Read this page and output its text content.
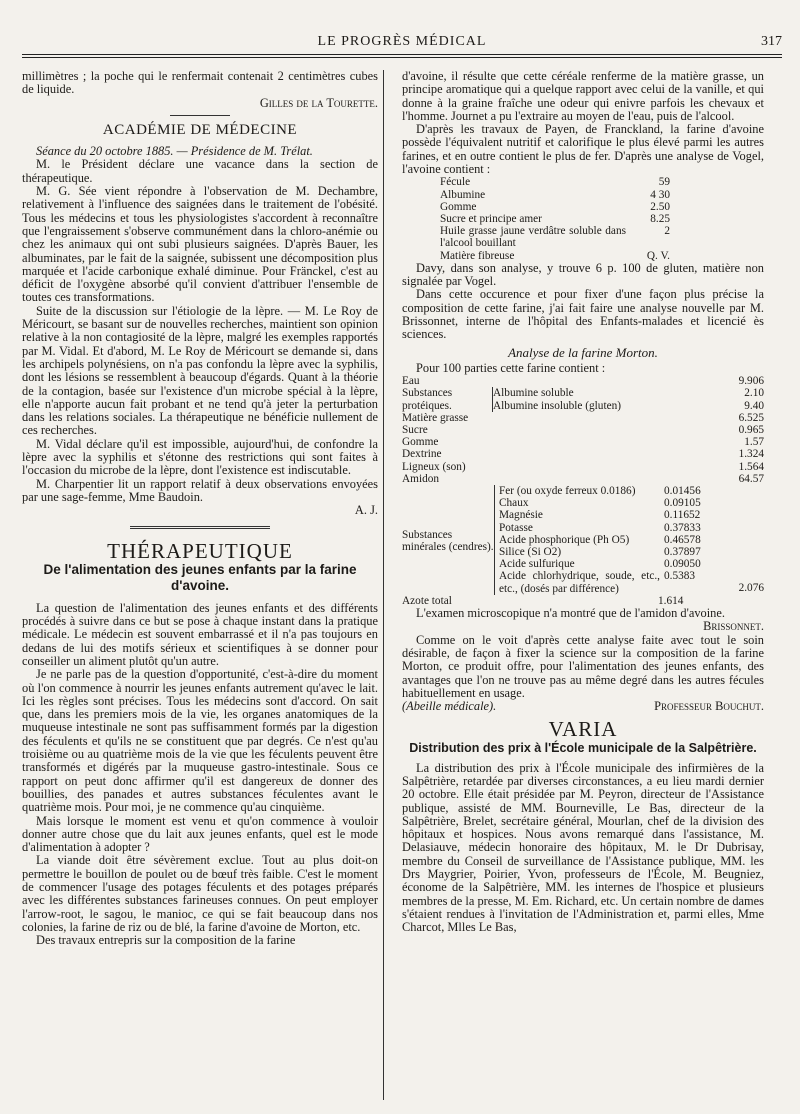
LE PROGRÈS MÉDICAL	317

millimètres ; la poche qui le renfermait contenait 2 centimètres cubes de liquide.

Gilles de la Tourette.

ACADÉMIE DE MÉDECINE

Séance du 20 octobre 1885. — Présidence de M. Trélat.

M. le Président déclare une vacance dans la section de thérapeutique.

M. G. Sée vient répondre à l'observation de M. Dechambre, relativement à l'influence des saignées dans le traitement de l'obésité. Tous les médecins et tous les physiologistes s'accordent à reconnaître que l'engraissement s'observe communément dans la chloro-anémie ou chez les animaux qui ont subi plusieurs saignées. D'après Bauer, les albuminates, par le fait de la saignée, subissent une décomposition plus marquée et l'acide carbonique exhalé diminue. Pour Fränckel, c'est au déficit de l'oxygène absorbé qu'il convient d'attribuer l'ensemble de toutes ces transformations.

Suite de la discussion sur l'étiologie de la lèpre. — M. Le Roy de Méricourt, se basant sur de nouvelles recherches, maintient son opinion relative à la non contagiosité de la lèpre, malgré les exemples rapportés par M. Vidal. Et d'abord, M. Le Roy de Méricourt se demande si, dans les archipels polynésiens, on n'a pas confondu la lèpre avec la syphilis, dont les lésions se ressemblent à beaucoup d'égards. Quant à la théorie de la contagion, basée sur l'existence d'un microbe spécial à la lèpre, elle n'apporte aucun fait probant et ne tend qu'à jeter la perturbation dans les relations sociales. La thérapeutique ne bénéficie nullement de ces recherches.

M. Vidal déclare qu'il est impossible, aujourd'hui, de confondre la lèpre avec la syphilis et s'étonne des restrictions qui sont faites à l'occasion du microbe de la lèpre, dont l'existence est indiscutable.

M. Charpentier lit un rapport relatif à deux observations envoyées par une sage-femme, Mme Baudoin.

A. J.

THÉRAPEUTIQUE
De l'alimentation des jeunes enfants par la farine d'avoine.

La question de l'alimentation des jeunes enfants et des différents procédés à suivre dans ce but se pose à chaque instant dans la pratique médicale. Le médecin est souvent embarrassé et il n'a pas toujours en dedans de lui des motifs sérieux et scientifiques à se donner pour conseiller un aliment plutôt qu'un autre.

Je ne parle pas de la question d'opportunité, c'est-à-dire du moment où l'on commence à nourrir les jeunes enfants autrement qu'avec le lait. Ici les règles sont précises. Tous les médecins sont d'accord. On sait que, dans les premiers mois de la vie, les organes anatomiques de la muqueuse intestinale ne sont pas suffisamment formés par la digestion des féculents et qu'ils ne se constituent que par degrés. Ce n'est qu'au troisième ou au quatrième mois de la vie que les féculents peuvent être transformés et digérés par la muqueuse gastro-intestinale. Sous ce rapport on peut donc affirmer qu'il est dangereux de donner des bouillies, des panades et autres substances féculentes avant le quatrième mois. Pour moi, je ne commence qu'au cinquième.

Mais lorsque le moment est venu et qu'on commence à vouloir donner autre chose que du lait aux jeunes enfants, quel est le mode d'alimentation à adopter ?

La viande doit être sévèrement exclue. Tout au plus doit-on permettre le bouillon de poulet ou de bœuf très faible. C'est le moment de commencer l'usage des potages féculents et des potages préparés avec les différentes substances farineuses connues. On peut employer l'arrow-root, le sagou, le manioc, ce qui se fait beaucoup dans nos colonies, la farine de riz ou de blé, la farine d'avoine de Morton, etc.

Des travaux entrepris sur la composition de la farine

d'avoine, il résulte que cette céréale renferme de la matière grasse, un principe aromatique qui a quelque rapport avec celui de la vanille, et qui donne à la graine fraîche une odeur qui enivre parfois les chevaux et l'homme. Journet a pu l'extraire au moyen de l'eau, puis de l'alcool.

D'après les travaux de Payen, de Franckland, la farine d'avoine possède l'équivalent nutritif et calorifique le plus élevé parmi les autres farines, et en outre contient le plus de fer. D'après une analyse de Vogel, l'avoine contient :

Fécule	59
Albumine	4 30
Gomme	2.50
Sucre et principe amer	8.25
Huile grasse jaune verdâtre soluble dans l'alcool bouillant	2
Matière fibreuse	Q. V.

Davy, dans son analyse, y trouve 6 p. 100 de gluten, matière non signalée par Vogel.

Dans cette occurence et pour fixer d'une façon plus précise la composition de cette farine, j'ai fait faire une analyse nouvelle par M. Brissonnet, interne de l'hôpital des Enfants-malades et licencié ès sciences.

Analyse de la farine Morton.

Pour 100 parties cette farine contient :

Eau		9.906
Substances protéiques.	Albumine soluble 2.10
Albumine insoluble (gluten) 9.40	

Matière grasse		6.525
Sucre		0.965
Gomme		1.57
Dextrine		1.324
Ligneux (son)		1.564
Amidon		64.57
Substances minérales (cendres).
Fer (ou oxyde ferreux 0.0186)	0.01456
Chaux	0.09105
Magnésie	0.11652
Potasse	0.37833
Acide phosphorique (Ph O5)	0.46578
Silice (Si O2)	0.37897
Acide sulfurique	0.09050
Acide chlorhydrique, soude, etc., etc., (dosés par différence)	0.5383
2.076
Azote total	1.614

L'examen microscopique n'a montré que de l'amidon d'avoine.

Brissonnet.

Comme on le voit d'après cette analyse faite avec tout le soin désirable, de façon à fixer la science sur la composition de la farine Morton, ce produit offre, pour l'alimentation des jeunes enfants, des avantages que l'on ne trouve pas au même degré dans les autres fécules habituellement en usage.

(Abeille médicale).	Professeur Bouchut.
VARIA
Distribution des prix à l'École municipale de la Salpêtrière.

La distribution des prix à l'École municipale des infirmières de la Salpêtrière, retardée par diverses circonstances, a eu lieu mardi dernier 20 octobre. Elle était présidée par M. Peyron, directeur de l'Assistance publique, assisté de MM. Bourneville, Le Bas, directeur de la Salpêtrière, Brelet, secrétaire général, Mourlan, chef de la division des hôpitaux et hospices. Nous avons remarqué dans l'assistance, M. Delasiauve, médecin honoraire des hôpitaux, M. le Dr Dubrisay, membre du Conseil de surveillance de l'Assistance publique, MM. les Drs Maygrier, Poirier, Yvon, professeurs de l'École, M. Beugniez, économe de la Salpêtrière, MM. les internes de l'hospice et plusieurs membres de la presse, M. Em. Richard, etc. Un certain nombre de dames s'étaient rendues à l'invitation de l'Administration et, parmi elles, Mme Charcot, Mlles Le Bas,
